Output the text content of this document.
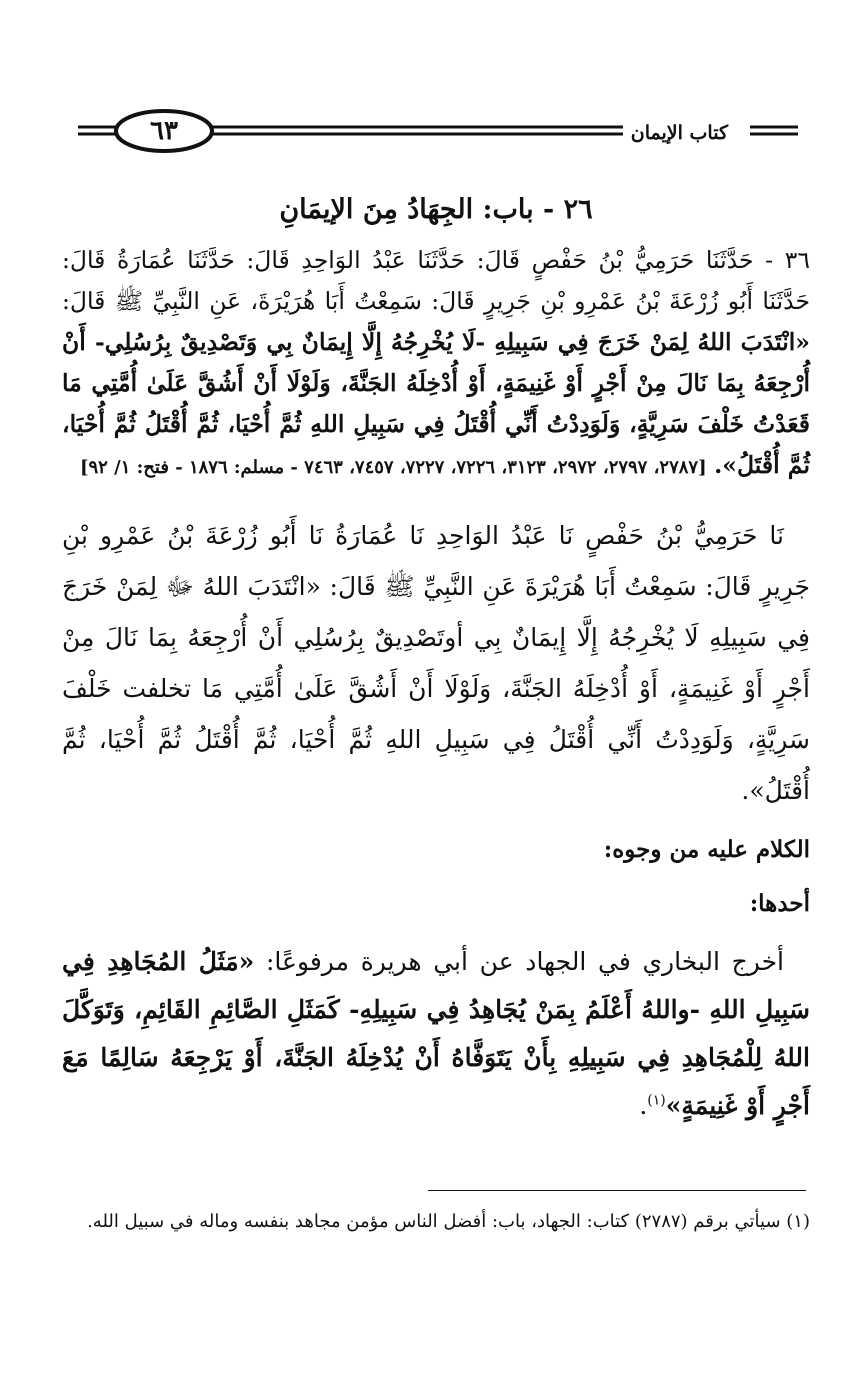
٦٣	كتاب الإيمان
٢٦ - باب: الجِهَادُ مِنَ الإيمَانِ

٣٦ - حَدَّثَنَا حَرَمِيُّ بْنُ حَفْصٍ قَالَ: حَدَّثَنَا عَبْدُ الوَاحِدِ قَالَ: حَدَّثَنَا عُمَارَةُ قَالَ: حَدَّثَنَا أَبُو زُرْعَةَ بْنُ عَمْرِو بْنِ جَرِيرٍ قَالَ: سَمِعْتُ أَبَا هُرَيْرَةَ، عَنِ النَّبِيِّ ﷺ قَالَ: «انْتَدَبَ اللهُ لِمَنْ خَرَجَ فِي سَبِيلِهِ -لَا يُخْرِجُهُ إِلَّا إِيمَانٌ بِي وَتَصْدِيقٌ بِرُسُلِي- أَنْ أُرْجِعَهُ بِمَا نَالَ مِنْ أَجْرٍ أَوْ غَنِيمَةٍ، أَوْ أُدْخِلَهُ الجَنَّةَ، وَلَوْلَا أَنْ أَشُقَّ عَلَىٰ أُمَّتِي مَا قَعَدْتُ خَلْفَ سَرِيَّةٍ، وَلَوَدِدْتُ أَنِّي أُقْتَلُ فِي سَبِيلِ اللهِ ثُمَّ أُحْيَا، ثُمَّ أُقْتَلُ ثُمَّ أُحْيَا، ثُمَّ أُقْتَلُ». [٢٧٨٧، ٢٧٩٧، ٢٩٧٢، ٣١٢٣، ٧٢٢٦، ٧٢٢٧، ٧٤٥٧، ٧٤٦٣ - مسلم: ١٨٧٦ - فتح: ١/ ٩٢]

نَا حَرَمِيُّ بْنُ حَفْصٍ نَا عَبْدُ الوَاحِدِ نَا عُمَارَةُ نَا أَبُو زُرْعَةَ بْنُ عَمْرِو بْنِ جَرِيرٍ قَالَ: سَمِعْتُ أَبَا هُرَيْرَةَ عَنِ النَّبِيِّ ﷺ قَالَ: «انْتَدَبَ اللهُ ﷻ لِمَنْ خَرَجَ فِي سَبِيلِهِ لَا يُخْرِجُهُ إِلَّا إِيمَانٌ بِي أوتَصْدِيقٌ بِرُسُلِي أَنْ أُرْجِعَهُ بِمَا نَالَ مِنْ أَجْرٍ أَوْ غَنِيمَةٍ، أَوْ أُدْخِلَهُ الجَنَّةَ، وَلَوْلَا أَنْ أَشُقَّ عَلَىٰ أُمَّتِي مَا تخلفت خَلْفَ سَرِيَّةٍ، وَلَوَدِدْتُ أَنِّي أُقْتَلُ فِي سَبِيلِ اللهِ ثُمَّ أُحْيَا، ثُمَّ أُقْتَلُ ثُمَّ أُحْيَا، ثُمَّ أُقْتَلُ».

الكلام عليه من وجوه:

أحدها:

أخرج البخاري في الجهاد عن أبي هريرة مرفوعًا: «مَثَلُ المُجَاهِدِ فِي سَبِيلِ اللهِ -واللهُ أَعْلَمُ بِمَنْ يُجَاهِدُ فِي سَبِيلِهِ- كَمَثَلِ الصَّائِمِ القَائِمِ، وَتَوَكَّلَ اللهُ لِلْمُجَاهِدِ فِي سَبِيلِهِ بِأَنْ يَتَوَفَّاهُ أَنْ يُدْخِلَهُ الجَنَّةَ، أَوْ يَرْجِعَهُ سَالِمًا مَعَ أَجْرٍ أَوْ غَنِيمَةٍ»$^{(١)}$.

(١) سيأتي برقم (٢٧٨٧) كتاب: الجهاد، باب: أفضل الناس مؤمن مجاهد بنفسه وماله في سبيل الله.
